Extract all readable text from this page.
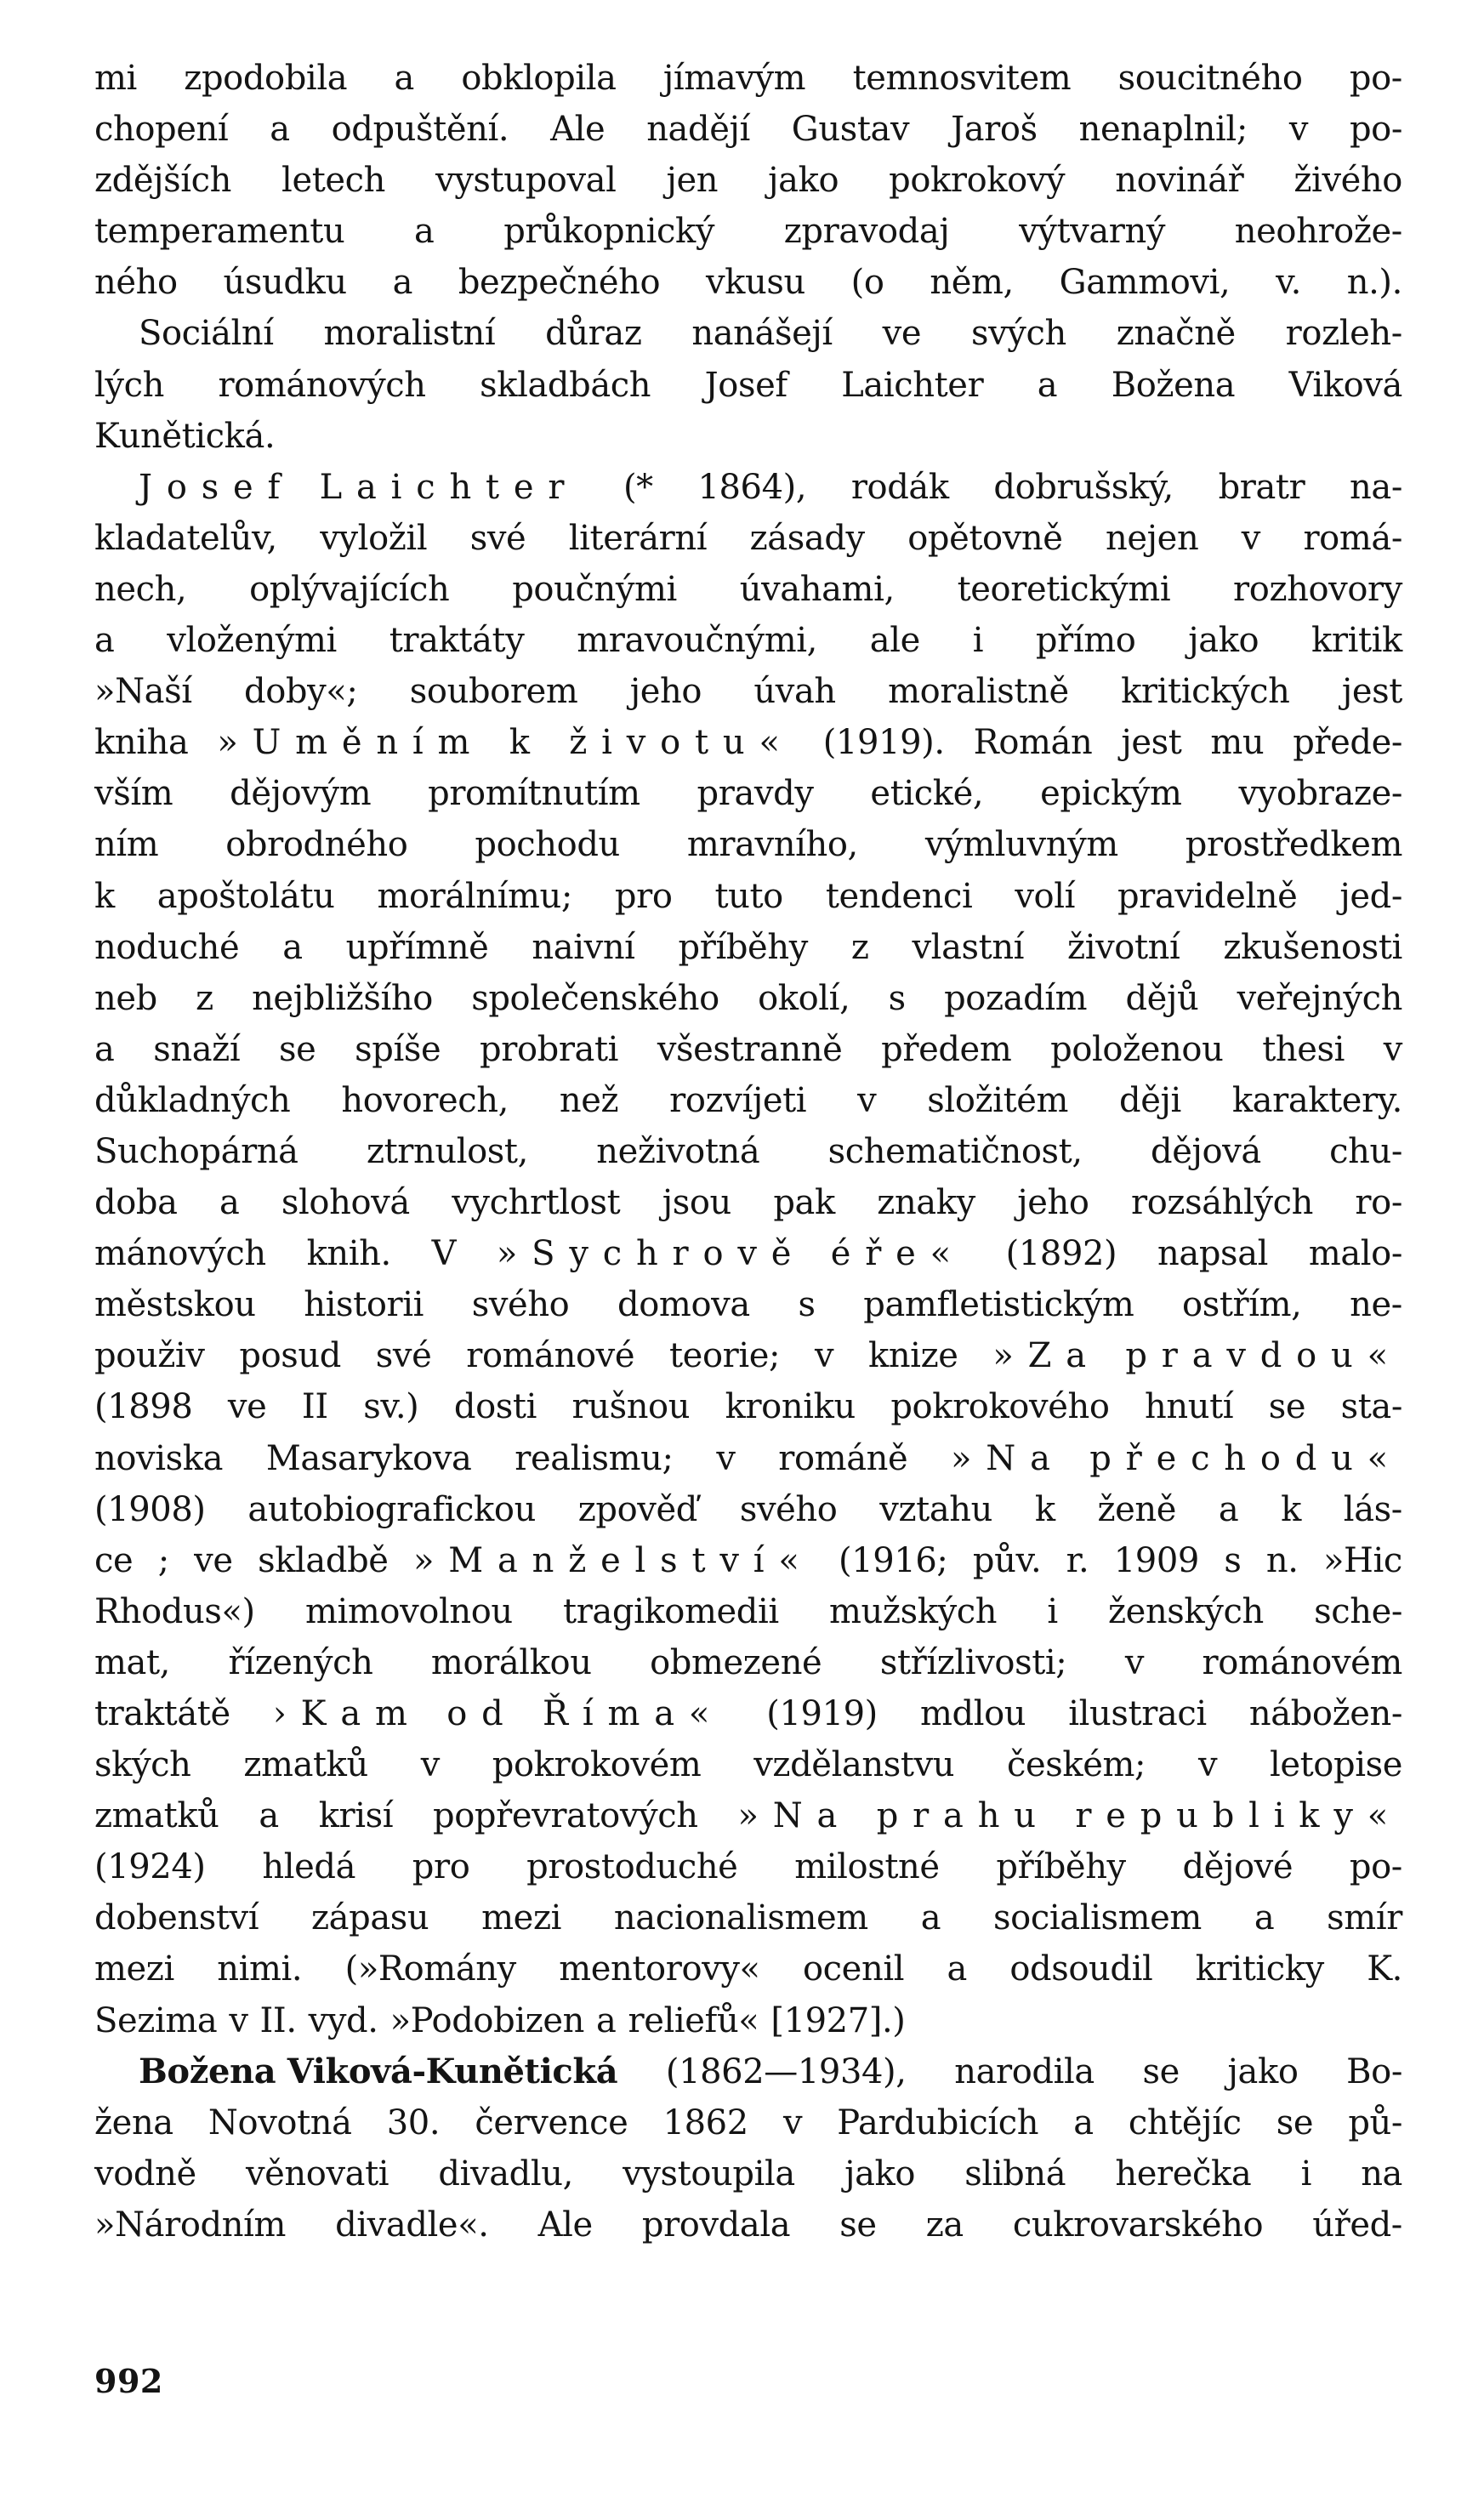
mi zpodobila a obklopila jímavým temnosvitem soucitného po-
chopení a odpuštění. Ale nadějí Gustav Jaroš nenaplnil; v po-
zdějších letech vystupoval jen jako pokrokový novinář živého
temperamentu a průkopnický zpravodaj výtvarný neohrože-
ného úsudku a bezpečného vkusu (o něm, Gammovi, v. n.).
Sociální moralistní důraz nanášejí ve svých značně rozleh-
lých románových skladbách Josef Laichter a Božena Viková
Kunětická.
Josef Laichter (* 1864), rodák dobrušský, bratr na-
kladatelův, vyložil své literární zásady opětovně nejen v romá-
nech, oplývajících poučnými úvahami, teoretickými rozhovory
a vloženými traktáty mravoučnými, ale i přímo jako kritik
»Naší doby«; souborem jeho úvah moralistně kritických jest
kniha »Uměním k životu« (1919). Román jest mu přede-
vším dějovým promítnutím pravdy etické, epickým vyobraze-
ním obrodného pochodu mravního, výmluvným prostředkem
k apoštolátu morálnímu; pro tuto tendenci volí pravidelně jed-
noduché a upřímně naivní příběhy z vlastní životní zkušenosti
neb z nejbližšího společenského okolí, s pozadím dějů veřejných
a snaží se spíše probrati všestranně předem položenou thesi v
důkladných hovorech, než rozvíjeti v složitém ději karaktery.
Suchopárná ztrnulost, neživotná schematičnost, dějová chu-
doba a slohová vychrtlost jsou pak znaky jeho rozsáhlých ro-
mánových knih. V »Sychrově éře« (1892) napsal malo-
městskou historii svého domova s pamfletistickým ostřím, ne-
použiv posud své románové teorie; v knize »Za pravdou«
(1898 ve II sv.) dosti rušnou kroniku pokrokového hnutí se sta-
noviska Masarykova realismu; v románě »Na přechodu«
(1908) autobiografickou zpověď svého vztahu k ženě a k lás-
ce ; ve skladbě »Manželství« (1916; pův. r. 1909 s n. »Hic
Rhodus«) mimovolnou tragikomedii mužských i ženských sche-
mat, řízených morálkou obmezené střízlivosti; v románovém
traktátě ›Kam od Říma« (1919) mdlou ilustraci nábožen-
ských zmatků v pokrokovém vzdělanstvu českém; v letopise
zmatků a krisí popřevratových »Na prahu republiky«
(1924) hledá pro prostoduché milostné příběhy dějové po-
dobenství zápasu mezi nacionalismem a socialismem a smír
mezi nimi. (»Romány mentorovy« ocenil a odsoudil kriticky K.
Sezima v II. vyd. »Podobizen a reliefů« [1927].)
Božena Viková-Kunětická (1862—1934), narodila se jako Bo-
žena Novotná 30. července 1862 v Pardubicích a chtějíc se pů-
vodně věnovati divadlu, vystoupila jako slibná herečka i na
»Národním divadle«. Ale provdala se za cukrovarského úřed-
992
